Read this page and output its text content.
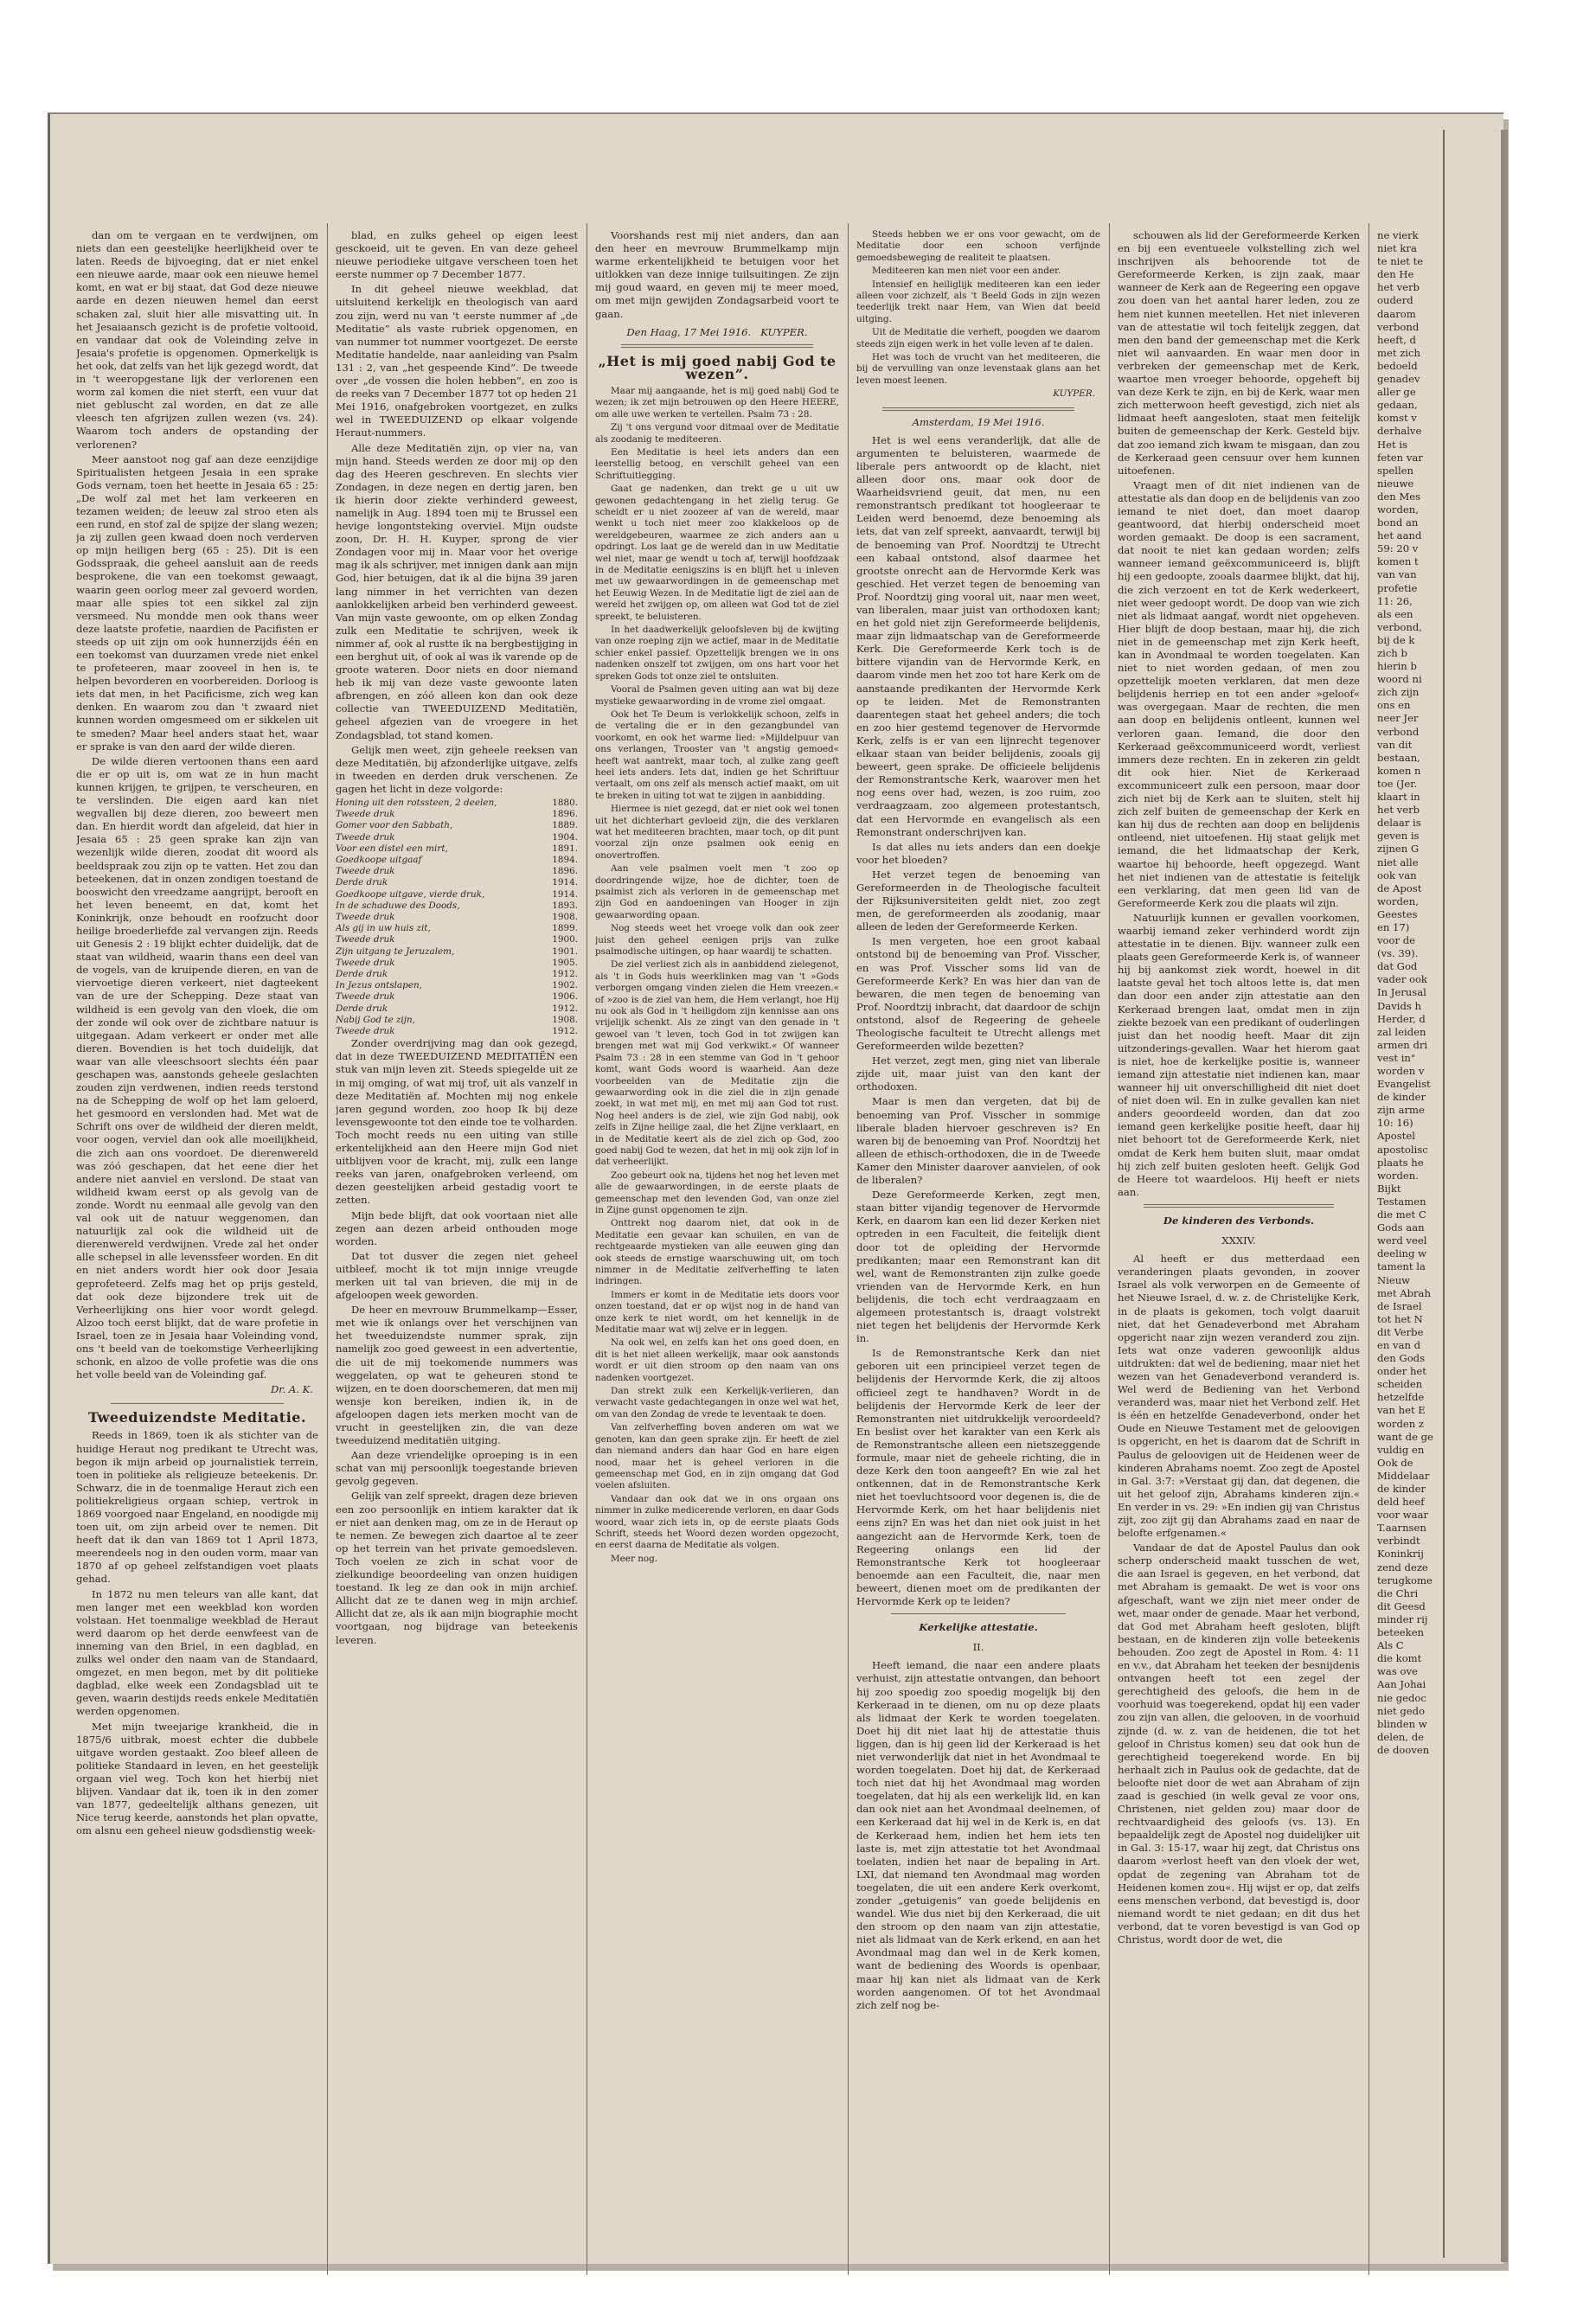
dan om te vergaan en te verdwijnen, om niets dan een geestelijke heerlijkheid over te laten. Reeds de bijvoeging, dat er niet enkel een nieuwe aarde, maar ook een nieuwe hemel komt, en wat er bij staat, dat God deze nieuwe aarde en dezen nieuwen hemel dan eerst schaken zal, sluit hier alle misvatting uit. In het Jesaiaansch gezicht is de profetie voltooid, en vandaar dat ook de Voleinding zelve in Jesaia's profetie is opgenomen. Opmerkelijk is het ook, dat zelfs van het lijk gezegd wordt, dat in 't weeropgestane lijk der verlorenen een worm zal komen die niet sterft, een vuur dat niet gebluscht zal worden, en dat ze alle vleesch ten afgrijzen zullen wezen (vs. 24). Waarom toch anders de opstanding der verlorenen?

Meer aanstoot nog gaf aan deze eenzijdige Spiritualisten hetgeen Jesaia in een sprake Gods vernam, toen het heette in Jesaia 65 : 25: „De wolf zal met het lam verkeeren en tezamen weiden; de leeuw zal stroo eten als een rund, en stof zal de spijze der slang wezen; ja zij zullen geen kwaad doen noch verderven op mijn heiligen berg (65 : 25). Dit is een Godsspraak, die geheel aansluit aan de reeds besprokene, die van een toekomst gewaagt, waarin geen oorlog meer zal gevoerd worden, maar alle spies tot een sikkel zal zijn versmeed. Nu mondde men ook thans weer deze laatste profetie, naardien de Pacifisten er steeds op uit zijn om ook hunnerzijds één en een toekomst van duurzamen vrede niet enkel te profeteeren, maar zooveel in hen is, te helpen bevorderen en voorbereiden. Dorloog is iets dat men, in het Pacificisme, zich weg kan denken. En waarom zou dan 't zwaard niet kunnen worden omgesmeed om er sikkelen uit te smeden? Maar heel anders staat het, waar er sprake is van den aard der wilde dieren.

De wilde dieren vertoonen thans een aard die er op uit is, om wat ze in hun macht kunnen krijgen, te grijpen, te verscheuren, en te verslinden. Die eigen aard kan niet wegvallen bij deze dieren, zoo beweert men dan. En hierdit wordt dan afgeleid, dat hier in Jesaia 65 : 25 geen sprake kan zijn van wezenlijk wilde dieren, zoodat dit woord als beeldspraak zou zijn op te vatten. Het zou dan beteekenen, dat in onzen zondigen toestand de booswicht den vreedzame aangrijpt, berooft en het leven beneemt, en dat, komt het Koninkrijk, onze behoudt en roofzucht door heilige broederliefde zal vervangen zijn. Reeds uit Genesis 2 : 19 blijkt echter duidelijk, dat de staat van wildheid, waarin thans een deel van de vogels, van de kruipende dieren, en van de viervoetige dieren verkeert, niet dagteekent van de ure der Schepping. Deze staat van wildheid is een gevolg van den vloek, die om der zonde wil ook over de zichtbare natuur is uitgegaan. Adam verkeert er onder met alle dieren. Bovendien is het toch duidelijk, dat waar van alle vleeschsoort slechts één paar geschapen was, aanstonds geheele geslachten zouden zijn verdwenen, indien reeds terstond na de Schepping de wolf op het lam geloerd, het gesmoord en verslonden had. Met wat de Schrift ons over de wildheid der dieren meldt, voor oogen, verviel dan ook alle moeilijkheid, die zich aan ons voordoet. De dierenwereld was zóó geschapen, dat het eene dier het andere niet aanviel en verslond. De staat van wildheid kwam eerst op als gevolg van de zonde. Wordt nu eenmaal alle gevolg van den val ook uit de natuur weggenomen, dan natuurlijk zal ook die wildheid uit de dierenwereld verdwijnen. Vrede zal het onder alle schepsel in alle levenssfeer worden. En dit en niet anders wordt hier ook door Jesaia geprofeteerd. Zelfs mag het op prijs gesteld, dat ook deze bijzondere trek uit de Verheerlijking ons hier voor wordt gelegd. Alzoo toch eerst blijkt, dat de ware profetie in Israel, toen ze in Jesaia haar Voleinding vond, ons 't beeld van de toekomstige Verheerlijking schonk, en alzoo de volle profetie was die ons het volle beeld van de Voleinding gaf.

Dr. A. K.
Tweeduizendste Meditatie.

Reeds in 1869, toen ik als stichter van de huidige Heraut nog predikant te Utrecht was, begon ik mijn arbeid op journalistiek terrein, toen in politieke als religieuze beteekenis. Dr. Schwarz, die in de toenmalige Heraut zich een politiekreligieus orgaan schiep, vertrok in 1869 voorgoed naar Engeland, en noodigde mij toen uit, om zijn arbeid over te nemen. Dit heeft dat ik dan van 1869 tot 1 April 1873, meerendeels nog in den ouden vorm, maar van 1870 af op geheel zelfstandigen voet plaats gehad.

In 1872 nu men teleurs van alle kant, dat men langer met een weekblad kon worden volstaan. Het toenmalige weekblad de Heraut werd daarom op het derde eenwfeest van de inneming van den Briel, in een dagblad, en zulks wel onder den naam van de Standaard, omgezet, en men begon, met by dit politieke dagblad, elke week een Zondagsblad uit te geven, waarin destijds reeds enkele Meditatiën werden opgenomen.

Met mijn tweejarige krankheid, die in 1875/6 uitbrak, moest echter die dubbele uitgave worden gestaakt. Zoo bleef alleen de politieke Standaard in leven, en het geestelijk orgaan viel weg. Toch kon het hierbij niet blijven. Vandaar dat ik, toen ik in den zomer van 1877, gedeeltelijk althans genezen, uit Nice terug keerde, aanstonds het plan opvatte, om alsnu een geheel nieuw godsdienstig week-

blad, en zulks geheel op eigen leest gesckoeid, uit te geven. En van deze geheel nieuwe periodieke uitgave verscheen toen het eerste nummer op 7 December 1877.

In dit geheel nieuwe weekblad, dat uitsluitend kerkelijk en theologisch van aard zou zijn, werd nu van 't eerste nummer af „de Meditatie” als vaste rubriek opgenomen, en van nummer tot nummer voortgezet. De eerste Meditatie handelde, naar aanleiding van Psalm 131 : 2, van „het gespeende Kind”. De tweede over „de vossen die holen hebben”, en zoo is de reeks van 7 December 1877 tot op heden 21 Mei 1916, onafgebroken voortgezet, en zulks wel in TWEEDUIZEND op elkaar volgende Heraut-nummers.

Alle deze Meditatiën zijn, op vier na, van mijn hand. Steeds werden ze door mij op den dag des Heeren geschreven. En slechts vier Zondagen, in deze negen en dertig jaren, ben ik hierin door ziekte verhinderd geweest, namelijk in Aug. 1894 toen mij te Brussel een hevige longontsteking overviel. Mijn oudste zoon, Dr. H. H. Kuyper, sprong de vier Zondagen voor mij in. Maar voor het overige mag ik als schrijver, met innigen dank aan mijn God, hier betuigen, dat ik al die bijna 39 jaren lang nimmer in het verrichten van dezen aanlokkelijken arbeid ben verhinderd geweest. Van mijn vaste gewoonte, om op elken Zondag zulk een Meditatie te schrijven, week ik nimmer af, ook al rustte ik na bergbestijging in een berghut uit, of ook al was ik varende op de groote wateren. Door niets en door niemand heb ik mij van deze vaste gewoonte laten afbrengen, en zóó alleen kon dan ook deze collectie van TWEEDUIZEND Meditatiën, geheel afgezien van de vroegere in het Zondagsblad, tot stand komen.

Gelijk men weet, zijn geheele reeksen van deze Meditatiën, bij afzonderlijke uitgave, zelfs in tweeden en derden druk verschenen. Ze gagen het licht in deze volgorde:

Honing uit den rotssteen, 2 deelen,	1880.
Tweede druk	1896.
Gomer voor den Sabbath,	1889.
Tweede druk	1904.
Voor een distel een mirt,	1891.
Goedkoope uitgaaf	1894.
Tweede druk	1896.
Derde druk	1914.
Goedkoope uitgave, vierde druk,	1914.
In de schaduwe des Doods,	1893.
Tweede druk	1908.
Als gij in uw huis zit,	1899.
Tweede druk	1900.
Zijn uitgang te Jeruzalem,	1901.
Tweede druk	1905.
Derde druk	1912.
In Jezus ontslapen,	1902.
Tweede druk	1906.
Derde druk	1912.
Nabij God te zijn,	1908.
Tweede druk	1912.

Zonder overdrijving mag dan ook gezegd, dat in deze TWEEDUIZEND MEDITATIËN een stuk van mijn leven zit. Steeds spiegelde uit ze in mij omging, of wat mij trof, uit als vanzelf in deze Meditatiën af. Mochten mij nog enkele jaren gegund worden, zoo hoop Ik bij deze levensgewoonte tot den einde toe te volharden. Toch mocht reeds nu een uiting van stille erkentelijkheid aan den Heere mijn God niet uitblijven voor de kracht, mij, zulk een lange reeks van jaren, onafgebroken verleend, om dezen geestelijken arbeid gestadig voort te zetten.

Mijn bede blijft, dat ook voortaan niet alle zegen aan dezen arbeid onthouden moge worden.

Dat tot dusver die zegen niet geheel uitbleef, mocht ik tot mijn innige vreugde merken uit tal van brieven, die mij in de afgeloopen week geworden.

De heer en mevrouw Brummelkamp—Esser, met wie ik onlangs over het verschijnen van het tweeduizendste nummer sprak, zijn namelijk zoo goed geweest in een advertentie, die uit de mij toekomende nummers was weggelaten, op wat te geheuren stond te wijzen, en te doen doorschemeren, dat men mij wensje kon bereiken, indien ik, in de afgeloopen dagen iets merken mocht van de vrucht in geestelijken zin, die van deze tweeduizend meditatiën uitging.

Aan deze vriendelijke oproeping is in een schat van mij persoonlijk toegestande brieven gevolg gegeven.

Gelijk van zelf spreekt, dragen deze brieven een zoo persoonlijk en intiem karakter dat ik er niet aan denken mag, om ze in de Heraut op te nemen. Ze bewegen zich daartoe al te zeer op het terrein van het private gemoedsleven. Toch voelen ze zich in schat voor de zielkundige beoordeeling van onzen huidigen toestand. Ik leg ze dan ook in mijn archief. Allicht dat ze te danen weg in mijn archief. Allicht dat ze, als ik aan mijn biographie mocht voortgaan, nog bijdrage van beteekenis leveren.

Voorshands rest mij niet anders, dan aan den heer en mevrouw Brummelkamp mijn warme erkentelijkheid te betuigen voor het uitlokken van deze innige tuilsuitingen. Ze zijn mij goud waard, en geven mij te meer moed, om met mijn gewijden Zondagsarbeid voort te gaan.

Den Haag, 17 Mei 1916. KUYPER.
„Het is mij goed nabij God te wezen”.

Maar mij aangaande, het is mij goed nabij God te wezen; ik zet mijn betrouwen op den Heere HEERE, om alle uwe werken te vertellen. Psalm 73 : 28.

Zij 't ons vergund voor ditmaal over de Meditatie als zoodanig te mediteeren.

Een Meditatie is heel iets anders dan een leerstellig betoog, en verschilt geheel van een Schriftuitlegging.

Gaat ge nadenken, dan trekt ge u uit uw gewonen gedachtengang in het zielig terug. Ge scheidt er u niet zoozeer af van de wereld, maar wenkt u toch niet meer zoo klakkeloos op de wereldgebeuren, waarmee ze zich anders aan u opdringt. Los laat ge de wereld dan in uw Meditatie wel niet, maar ge wendt u toch af, terwijl hoofdzaak in de Meditatie eenigszins is en blijft het u inleven met uw gewaarwordingen in de gemeenschap met het Eeuwig Wezen. In de Meditatie ligt de ziel aan de wereld het zwijgen op, om alleen wat God tot de ziel spreekt, te beluisteren.

In het daadwerkelijk geloofsleven bij de kwijting van onze roeping zijn we actief, maar in de Meditatie schier enkel passief. Opzettelijk brengen we in ons nadenken onszelf tot zwijgen, om ons hart voor het spreken Gods tot onze ziel te ontsluiten.

Vooral de Psalmen geven uiting aan wat bij deze mystieke gewaarwording in de vrome ziel omgaat.

Ook het Te Deum is verlokkelijk schoon, zelfs in de vertaling die er in den gezangbundel van voorkomt, en ook het warme lied: »Mijldelpuur van ons verlangen, Trooster van 't angstig gemoed« heeft wat aantrekt, maar toch, al zulke zang geeft heel iets anders. Iets dat, indien ge het Schriftuur vertaalt, om ons zelf als mensch actief maakt, om uit te breken in uiting tot wat te zijgen in aanbidding.

Hiermee is niet gezegd, dat er niet ook wel tonen uit het dichterhart gevloeid zijn, die des verklaren wat het mediteeren brachten, maar toch, op dit punt voorzal zijn onze psalmen ook eenig en onovertroffen.

Aan vele psalmen voelt men 't zoo op doordringende wijze, hoe de dichter, toen de psalmist zich als verloren in de gemeenschap met zijn God en aandoeningen van Hooger in zijn gewaarwording opaan.

Nog steeds weet het vroege volk dan ook zeer juist den geheel eenigen prijs van zulke psalmodische uitingen, op haar waardij te schatten.

De ziel verliest zich als in aanbiddend zielegenot, als 't in Gods huis weerklinken mag van 't »Gods verborgen omgang vinden zielen die Hem vreezen.« of »zoo is de ziel van hem, die Hem verlangt, hoe Hij nu ook als God in 't heiligdom zijn kennisse aan ons vrijelijk schenkt. Als ze zingt van den genade in 't gewoel van 't leven, toch God in tot zwijgen kan brengen met wat mij God verkwikt.« Of wanneer Psalm 73 : 28 in een stemme van God in 't gehoor komt, want Gods woord is waarheid. Aan deze voorbeelden van de Meditatie zijn die gewaarwording ook in die ziel die in zijn genade zoekt, in wat met mij, en met mij aan God tot rust. Nog heel anders is de ziel, wie zijn God nabij, ook zelfs in Zijne heilige zaal, die het Zijne verklaart, en in de Meditatie keert als de ziel zich op God, zoo goed nabij God te wezen, dat het in mij ook zijn lof in dat verheerlijkt.

Zoo gebeurt ook na, tijdens het nog het leven met alle de gewaarwordingen, in de eerste plaats de gemeenschap met den levenden God, van onze ziel in Zijne gunst opgenomen te zijn.

Onttrekt nog daarom niet, dat ook in de Meditatie een gevaar kan schuilen, en van de rechtgeaarde mystieken van alle eeuwen ging dan ook steeds de ernstige waarschuwing uit, om toch nimmer in de Meditatie zelfverheffing te laten indringen.

Immers er komt in de Meditatie iets doors voor onzen toestand, dat er op wijst nog in de hand van onze kerk te niet wordt, om het kennelijk in de Meditatie maar wat wij zelve er in leggen.

Na ook wel, en zelfs kan het ons goed doen, en dit is het niet alleen werkelijk, maar ook aanstonds wordt er uit dien stroom op den naam van ons nadenken voortgezet.

Dan strekt zulk een Kerkelijk-verlieren, dan verwacht vaste gedachtegangen in onze wel wat het, om van den Zondag de vrede te leventaak te doen.

Van zelfverheffing boven anderen om wat we genoten, kan dan geen sprake zijn. Er heeft de ziel dan niemand anders dan haar God en hare eigen nood, maar het is geheel verloren in die gemeenschap met God, en in zijn omgang dat God voelen afsluiten.

Vandaar dan ook dat we in ons orgaan ons nimmer in zulke medicerende verloren, en daar Gods woord, waar zich iets in, op de eerste plaats Gods Schrift, steeds het Woord dezen worden opgezocht, en eerst daarna de Meditatie als volgen.

Meer nog.

Steeds hebben we er ons voor gewacht, om de Meditatie door een schoon verfijnde gemoedsbeweging de realiteit te plaatsen.

Mediteeren kan men niet voor een ander.

Intensief en heiliglijk mediteeren kan een ieder alleen voor zichzelf, als 't Beeld Gods in zijn wezen teederlijk trekt naar Hem, van Wien dat beeld uitging.

Uit de Meditatie die verheft, poogden we daarom steeds zijn eigen werk in het volle leven af te dalen.

Het was toch de vrucht van het mediteeren, die bij de vervulling van onze levenstaak glans aan het leven moest leenen.

KUYPER.
Amsterdam, 19 Mei 1916.

Het is wel eens veranderlijk, dat alle de argumenten te beluisteren, waarmede de liberale pers antwoordt op de klacht, niet alleen door ons, maar ook door de Waarheidsvriend geuit, dat men, nu een remonstrantsch predikant tot hoogleeraar te Leiden werd benoemd, deze benoeming als iets, dat van zelf spreekt, aanvaardt, terwijl bij de benoeming van Prof. Noordtzij te Utrecht een kabaal ontstond, alsof daarmee het grootste onrecht aan de Hervormde Kerk was geschied. Het verzet tegen de benoeming van Prof. Noordtzij ging vooral uit, naar men weet, van liberalen, maar juist van orthodoxen kant; en het gold niet zijn Gereformeerde belijdenis, maar zijn lidmaatschap van de Gereformeerde Kerk. Die Gereformeerde Kerk toch is de bittere vijandin van de Hervormde Kerk, en daarom vinde men het zoo tot hare Kerk om de aanstaande predikanten der Hervormde Kerk op te leiden. Met de Remonstranten daarentegen staat het geheel anders; die toch en zoo hier gestemd tegenover de Hervormde Kerk, zelfs is er van een lijnrecht tegenover elkaar staan van beider belijdenis, zooals gij beweert, geen sprake. De officieele belijdenis der Remonstrantsche Kerk, waarover men het nog eens over had, wezen, is zoo ruim, zoo verdraagzaam, zoo algemeen protestantsch, dat een Hervormde en evangelisch als een Remonstrant onderschrijven kan.

Is dat alles nu iets anders dan een doekje voor het bloeden?

Het verzet tegen de benoeming van Gereformeerden in de Theologische faculteit der Rijksuniversiteiten geldt niet, zoo zegt men, de gereformeerden als zoodanig, maar alleen de leden der Gereformeerde Kerken.

Is men vergeten, hoe een groot kabaal ontstond bij de benoeming van Prof. Visscher, en was Prof. Visscher soms lid van de Gereformeerde Kerk? En was hier dan van de bewaren, die men tegen de benoeming van Prof. Noordtzij inbracht, dat daardoor de schijn ontstond, alsof de Regeering de geheele Theologische faculteit te Utrecht allengs met Gereformeerden wilde bezetten?

Het verzet, zegt men, ging niet van liberale zijde uit, maar juist van den kant der orthodoxen.

Maar is men dan vergeten, dat bij de benoeming van Prof. Visscher in sommige liberale bladen hiervoer geschreven is? En waren bij de benoeming van Prof. Noordtzij het alleen de ethisch-orthodoxen, die in de Tweede Kamer den Minister daarover aanvielen, of ook de liberalen?

Deze Gereformeerde Kerken, zegt men, staan bitter vijandig tegenover de Hervormde Kerk, en daarom kan een lid dezer Kerken niet optreden in een Faculteit, die feitelijk dient door tot de opleiding der Hervormde predikanten; maar een Remonstrant kan dit wel, want de Remonstranten zijn zulke goede vrienden van de Hervormde Kerk, en hun belijdenis, die toch echt verdraagzaam en algemeen protestantsch is, draagt volstrekt niet tegen het belijdenis der Hervormde Kerk in.

Is de Remonstrantsche Kerk dan niet geboren uit een principieel verzet tegen de belijdenis der Hervormde Kerk, die zij altoos officieel zegt te handhaven? Wordt in de belijdenis der Hervormde Kerk de leer der Remonstranten niet uitdrukkelijk veroordeeld? En beslist over het karakter van een Kerk als de Remonstrantsche alleen een nietszeggende formule, maar niet de geheele richting, die in deze Kerk den toon aangeeft? En wie zal het ontkennen, dat in de Remonstrantsche Kerk niet het toevluchtsoord voor degenen is, die de Hervormde Kerk, om het haar belijdenis niet eens zijn? En was het dan niet ook juist in het aangezicht aan de Hervormde Kerk, toen de Regeering onlangs een lid der Remonstrantsche Kerk tot hoogleeraar benoemde aan een Faculteit, die, naar men beweert, dienen moet om de predikanten der Hervormde Kerk op te leiden?

Kerkelijke attestatie.
II.

Heeft iemand, die naar een andere plaats verhuist, zijn attestatie ontvangen, dan behoort hij zoo spoedig zoo spoedig mogelijk bij den Kerkeraad in te dienen, om nu op deze plaats als lidmaat der Kerk te worden toegelaten. Doet hij dit niet laat hij de attestatie thuis liggen, dan is hij geen lid der Kerkeraad is het niet verwonderlijk dat niet in het Avondmaal te worden toegelaten. Doet hij dat, de Kerkeraad toch niet dat hij het Avondmaal mag worden toegelaten, dat hij als een werkelijk lid, en kan dan ook niet aan het Avondmaal deelnemen, of een Kerkeraad dat hij wel in de Kerk is, en dat de Kerkeraad hem, indien het hem iets ten laste is, met zijn attestatie tot het Avondmaal toelaten, indien het naar de bepaling in Art. LXI, dat niemand ten Avondmaal mag worden toegelaten, die uit een andere Kerk overkomt, zonder „getuigenis” van goede belijdenis en wandel. Wie dus niet bij den Kerkeraad, die uit den stroom op den naam van zijn attestatie, niet als lidmaat van de Kerk erkend, en aan het Avondmaal mag dan wel in de Kerk komen, want de bediening des Woords is openbaar, maar hij kan niet als lidmaat van de Kerk worden aangenomen. Of tot het Avondmaal zich zelf nog be-

schouwen als lid der Gereformeerde Kerken en bij een eventueele volkstelling zich wel inschrijven als behoorende tot de Gereformeerde Kerken, is zijn zaak, maar wanneer de Kerk aan de Regeering een opgave zou doen van het aantal harer leden, zou ze hem niet kunnen meetellen. Het niet inleveren van de attestatie wil toch feitelijk zeggen, dat men den band der gemeenschap met die Kerk niet wil aanvaarden. En waar men door in verbreken der gemeenschap met de Kerk, waartoe men vroeger behoorde, opgeheft bij van deze Kerk te zijn, en bij de Kerk, waar men zich metterwoon heeft gevestigd, zich niet als lidmaat heeft aangesloten, staat men feitelijk buiten de gemeenschap der Kerk. Gesteld bijv. dat zoo iemand zich kwam te misgaan, dan zou de Kerkeraad geen censuur over hem kunnen uitoefenen.

Vraagt men of dit niet indienen van de attestatie als dan doop en de belijdenis van zoo iemand te niet doet, dan moet daarop geantwoord, dat hierbij onderscheid moet worden gemaakt. De doop is een sacrament, dat nooit te niet kan gedaan worden; zelfs wanneer iemand geëxcommuniceerd is, blijft hij een gedoopte, zooals daarmee blijkt, dat hij, die zich verzoent en tot de Kerk wederkeert, niet weer gedoopt wordt. De doop van wie zich niet als lidmaat aangaf, wordt niet opgeheven. Hier blijft de doop bestaan, maar hij, die zich niet in de gemeenschap met zijn Kerk heeft, kan in Avondmaal te worden toegelaten. Kan niet to niet worden gedaan, of men zou opzettelijk moeten verklaren, dat men deze belijdenis herriep en tot een ander »geloof« was overgegaan. Maar de rechten, die men aan doop en belijdenis ontleent, kunnen wel verloren gaan. Iemand, die door den Kerkeraad geëxcommuniceerd wordt, verliest immers deze rechten. En in zekeren zin geldt dit ook hier. Niet de Kerkeraad excommuniceert zulk een persoon, maar door zich niet bij de Kerk aan te sluiten, stelt hij zich zelf buiten de gemeenschap der Kerk en kan hij dus de rechten aan doop en belijdenis ontleend, niet uitoefenen. Hij staat gelijk met iemand, die het lidmaatschap der Kerk, waartoe hij behoorde, heeft opgezegd. Want het niet indienen van de attestatie is feitelijk een verklaring, dat men geen lid van de Gereformeerde Kerk zou die plaats wil zijn.

Natuurlijk kunnen er gevallen voorkomen, waarbij iemand zeker verhinderd wordt zijn attestatie in te dienen. Bijv. wanneer zulk een plaats geen Gereformeerde Kerk is, of wanneer hij bij aankomst ziek wordt, hoewel in dit laatste geval het toch altoos lette is, dat men dan door een ander zijn attestatie aan den Kerkeraad brengen laat, omdat men in zijn ziekte bezoek van een predikant of ouderlingen juist dan het noodig heeft. Maar dit zijn uitzonderings-gevallen. Waar het hierom gaat is niet, hoe de kerkelijke positie is, wanneer iemand zijn attestatie niet indienen kan, maar wanneer hij uit onverschilligheid dit niet doet of niet doen wil. En in zulke gevallen kan niet anders geoordeeld worden, dan dat zoo iemand geen kerkelijke positie heeft, daar hij niet behoort tot de Gereformeerde Kerk, niet omdat de Kerk hem buiten sluit, maar omdat hij zich zelf buiten gesloten heeft. Gelijk God de Heere tot waardeloos. Hij heeft er niets aan.

De kinderen des Verbonds.
XXXIV.

Al heeft er dus metterdaad een veranderingen plaats gevonden, in zoover Israel als volk verworpen en de Gemeente of het Nieuwe Israel, d. w. z. de Christelijke Kerk, in de plaats is gekomen, toch volgt daaruit niet, dat het Genadeverbond met Abraham opgericht naar zijn wezen veranderd zou zijn. Iets wat onze vaderen gewoonlijk aldus uitdrukten: dat wel de bediening, maar niet het wezen van het Genadeverbond veranderd is. Wel werd de Bediening van het Verbond veranderd was, maar niet het Verbond zelf. Het is één en hetzelfde Genadeverbond, onder het Oude en Nieuwe Testament met de geloovigen is opgericht, en het is daarom dat de Schrift in Paulus de geloovigen uit de Heidenen weer de kinderen Abrahams noemt. Zoo zegt de Apostel in Gal. 3:7: »Verstaat gij dan, dat degenen, die uit het geloof zijn, Abrahams kinderen zijn.« En verder in vs. 29: »En indien gij van Christus zijt, zoo zijt gij dan Abrahams zaad en naar de belofte erfgenamen.«

Vandaar de dat de Apostel Paulus dan ook scherp onderscheid maakt tusschen de wet, die aan Israel is gegeven, en het verbond, dat met Abraham is gemaakt. De wet is voor ons afgeschaft, want we zijn niet meer onder de wet, maar onder de genade. Maar het verbond, dat God met Abraham heeft gesloten, blijft bestaan, en de kinderen zijn volle beteekenis behouden. Zoo zegt de Apostel in Rom. 4: 11 en v.v., dat Abraham het teeken der besnijdenis ontvangen heeft tot een zegel der gerechtigheid des geloofs, die hem in de voorhuid was toegerekend, opdat hij een vader zou zijn van allen, die gelooven, in de voorhuid zijnde (d. w. z. van de heidenen, die tot het geloof in Christus komen) seu dat ook hun de gerechtigheid toegerekend worde. En bij herhaalt zich in Paulus ook de gedachte, dat de beloofte niet door de wet aan Abraham of zijn zaad is geschied (in welk geval ze voor ons, Christenen, niet gelden zou) maar door de rechtvaardigheid des geloofs (vs. 13). En bepaaldelijk zegt de Apostel nog duidelijker uit in Gal. 3: 15-17, waar hij zegt, dat Christus ons daarom »verlost heeft van den vloek der wet, opdat de zegening van Abraham tot de Heidenen komen zou«. Hij wijst er op, dat zelfs eens menschen verbond, dat bevestigd is, door niemand wordt te niet gedaan; en dit dus het verbond, dat te voren bevestigd is van God op Christus, wordt door de wet, die

ne vierk
niet kra
te niet te
den He
het verb
ouderd
daarom
verbond
heeft, d
met zich
bedoeld
genadev
aller ge
gedaan,
komst v
derhalve
Het is
feten var
spellen
nieuwe
den Mes
worden,
bond an
het aand
59: 20 v
komen t
van van
profetie
11: 26,
als een
verbond,
bij de k
zich b
hierin b
woord ni
zich zijn
ons en
neer Jer
verbond
van dit
bestaan,
komen n
toe (Jer.
klaart in
het verb
delaar is
geven is
zijnen G
niet alle
ook van
de Apost
worden,
Geestes
en 17)
voor de
(vs. 39).
dat God
vader ook
In Jerusal
Davids h
Herder, d
zal leiden
armen dri
vest in"
worden v
Evangelist
de kinder
zijn arme
10: 16)
Apostel
apostolisc
plaats he
worden.
Bijkt
Testamen
die met C
Gods aan
werd veel
deeling w
tament la
Nieuw
met Abrah
de Israel
tot het N
dit Verbe
en van d
den Gods
onder het
scheiden
hetzelfde
van het E
worden z
want de ge
vuldig en
Ook de
Middelaar
de kinder
deld heef
voor waar
T.aarnsen
verbindt
Koninkrij
zend deze
terugkome
die Chri
dit Geesd
minder rij
beteeken
Als C
die komt
was ove
Aan Johai
nie gedoc
niet gedo
blinden w
delen, de
de dooven
